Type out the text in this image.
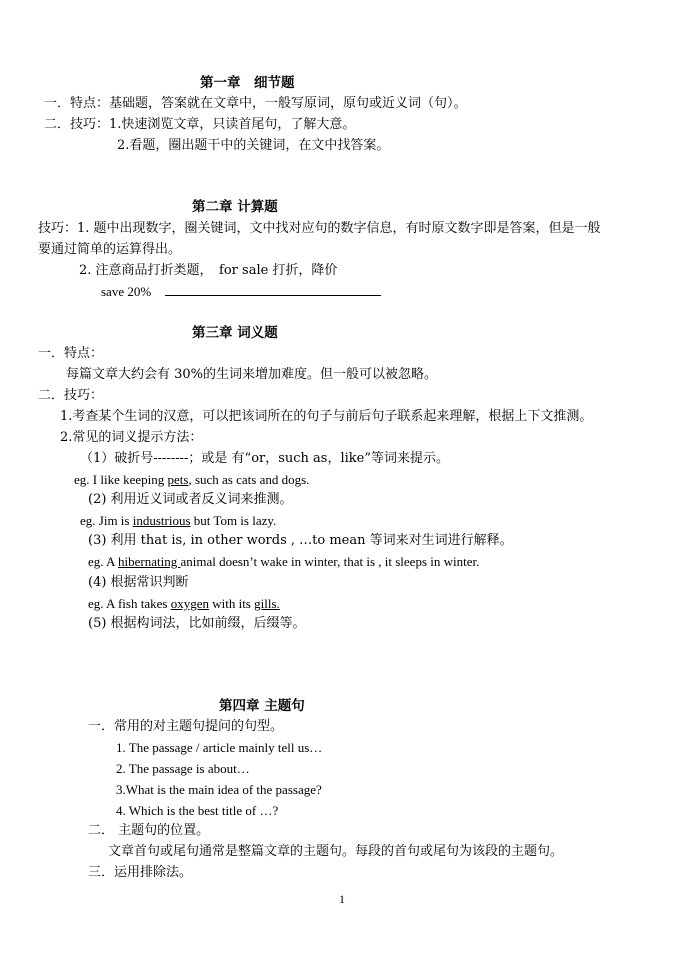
第一章　细节题
一．特点：基础题，答案就在文章中，一般写原词，原句或近义词（句）。
二．技巧：1.快速浏览文章，只读首尾句，了解大意。
2.看题，圈出题干中的关键词，在文中找答案。
第二章 计算题
技巧：1. 题中出现数字，圈关键词，文中找对应句的数字信息，有时原文数字即是答案，但是一般
要通过简单的运算得出。
2. 注意商品打折类题，　for sale 打折，降价
save 20%
第三章 词义题
一．特点：
每篇文章大约会有 30%的生词来增加难度。但一般可以被忽略。
二．技巧：
1.考查某个生词的汉意，可以把该词所在的句子与前后句子联系起来理解，根据上下文推测。
2.常见的词义提示方法：
（1）破折号--------；或是 有“or，such as，like”等词来提示。
eg. I like keeping pets, such as cats and dogs.
(2) 利用近义词或者反义词来推测。
eg. Jim is industrious but Tom is lazy.
(3) 利用 that is, in other words , …to mean 等词来对生词进行解释。
eg. A hibernating animal doesn’t wake in winter, that is , it sleeps in winter.
(4) 根据常识判断
eg. A fish takes oxygen with its gills.
(5) 根据构词法，比如前缀，后缀等。
第四章 主题句
一．常用的对主题句提问的句型。
1. The passage / article mainly tell us…
2. The passage is about…
3.What is the main idea of the passage?
4. Which is the best title of …?
二． 主题句的位置。
文章首句或尾句通常是整篇文章的主题句。每段的首句或尾句为该段的主题句。
三．运用排除法。
1
